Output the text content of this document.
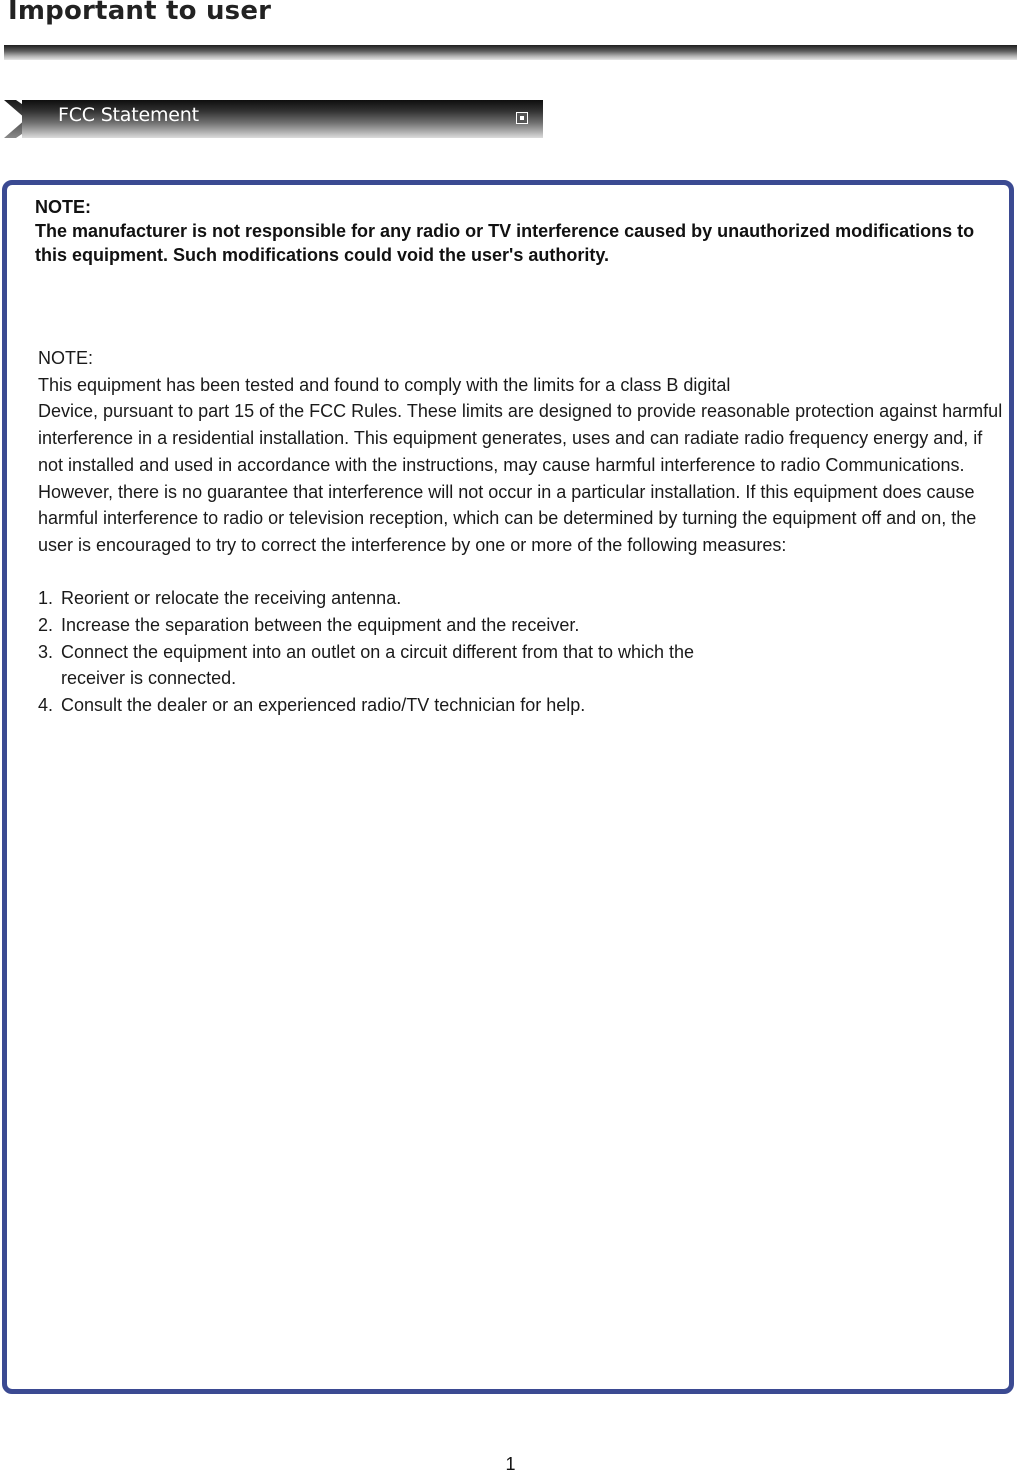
Important to user
FCC Statement
NOTE:
The manufacturer is not responsible for any radio or TV interference caused by unauthorized modifications to this equipment. Such modifications could void the user's authority.

NOTE:

This equipment has been tested and found to comply with the limits for a class B digital
Device, pursuant to part 15 of the FCC Rules. These limits are designed to provide reasonable protection against harmful interference in a residential installation. This equipment generates, uses and can radiate radio frequency energy and, if not installed and used in accordance with the instructions, may cause harmful interference to radio Communications. However, there is no guarantee that interference will not occur in a particular installation. If this equipment does cause harmful interference to radio or television reception, which can be determined by turning the equipment off and on, the user is encouraged to try to correct the interference by one or more of the following measures:

1. Reorient or relocate the receiving antenna.
2. Increase the separation between the equipment and the receiver.
3. Connect the equipment into an outlet on a circuit different from that to which the
receiver is connected.
4. Consult the dealer or an experienced radio/TV technician for help.
1
